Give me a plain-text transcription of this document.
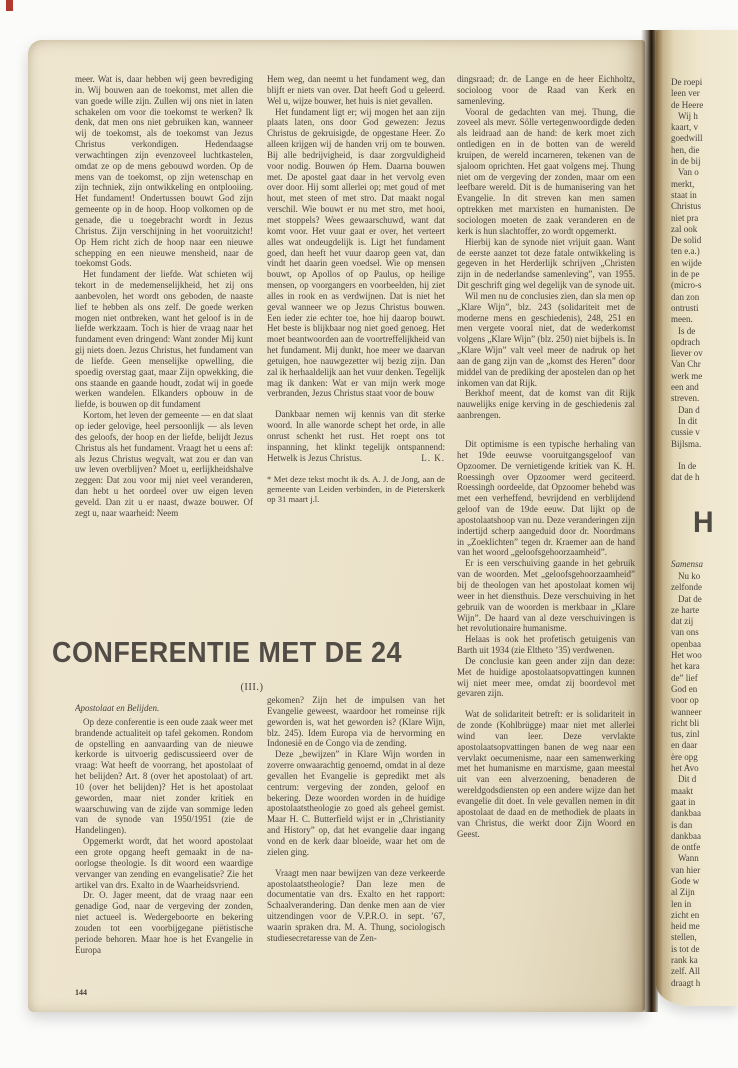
meer. Wat is, daar hebben wij geen bevrediging in. Wij bouwen aan de toekomst, met allen die van goede wille zijn. Zullen wij ons niet in laten schakelen om voor die toekomst te werken? Ik denk, dat men ons niet gebruiken kan, wanneer wij de toekomst, als de toekomst van Jezus Christus verkondigen. Hedendaagse verwachtingen zijn evenzoveel luchtkastelen, omdat ze op de mens gebouwd worden. Op de mens van de toekomst, op zijn wetenschap en zijn techniek, zijn ontwikkeling en ontplooiing. Het fundament! Ondertussen bouwt God zijn gemeente op in de hoop. Hoop volkomen op de genade, die u toegebracht wordt in Jezus Christus. Zijn verschijning in het vooruitzicht! Op Hem richt zich de hoop naar een nieuwe schepping en een nieuwe mensheid, naar de toekomst Gods.

Het fundament der liefde. Wat schieten wij tekort in de medemenselijkheid, het zij ons aanbevolen, het wordt ons geboden, de naaste lief te hebben als ons zelf. De goede werken mogen niet ontbreken, want het geloof is in de liefde werkzaam. Toch is hier de vraag naar het fundament even dringend: Want zonder Mij kunt gij niets doen. Jezus Christus, het fundament van de liefde. Geen menselijke opwelling, die spoedig overstag gaat, maar Zijn opwekking, die ons staande en gaande houdt, zodat wij in goede werken wandelen. Elkanders opbouw in de liefde, is bouwen op dit fundament

Kortom, het leven der gemeente — en dat slaat op ieder gelovige, heel persoonlijk — als leven des geloofs, der hoop en der liefde, belijdt Jezus Christus als het fundament. Vraagt het u eens af: als Jezus Christus wegvalt, wat zou er dan van uw leven overblijven? Moet u, eerlijkheidshalve zeggen: Dat zou voor mij niet veel veranderen, dan hebt u het oordeel over uw eigen leven geveld. Dan zit u er naast, dwaze bouwer. Of zegt u, naar waarheid: Neem

Hem weg, dan neemt u het fundament weg, dan blijft er niets van over. Dat heeft God u geleerd. Wel u, wijze bouwer, het huis is niet gevallen.

Het fundament ligt er; wij mogen het aan zijn plaats laten, ons door God gewezen: Jezus Christus de gekruisigde, de opgestane Heer. Zo alleen krijgen wij de handen vrij om te bouwen. Bij alle bedrijvigheid, is daar zorgvuldigheid voor nodig. Bouwen óp Hem. Daarna bouwen met. De apostel gaat daar in het vervolg even over door. Hij somt allerlei op; met goud of met hout, met steen of met stro. Dat maakt nogal verschil. Wie bouwt er nu met stro, met hooi, met stoppels? Wees gewaarschuwd, want dat komt voor. Het vuur gaat er over, het verteert alles wat ondeugdelijk is. Ligt het fundament goed, dan heeft het vuur daarop geen vat, dan vindt het daarin geen voedsel. Wie op mensen bouwt, op Apollos of op Paulus, op heilige mensen, op voorgangers en voorbeelden, hij ziet alles in rook en as verdwijnen. Dat is niet het geval wanneer we op Jezus Christus bouwen. Een ieder zie echter toe, hoe hij daarop bouwt. Het beste is blijkbaar nog niet goed genoeg. Het moet beantwoorden aan de voortreffelijkheid van het fundament. Mij dunkt, hoe meer we daarvan getuigen, hoe nauwgezetter wij bezig zijn. Dan zal ik herhaaldelijk aan het vuur denken. Tegelijk mag ik danken: Wat er van mijn werk moge verbranden, Jezus Christus staat voor de bouw

Dankbaar nemen wij kennis van dit sterke woord. In alle wanorde schept het orde, in alle onrust schenkt het rust. Het roept ons tot inspanning, het klinkt tegelijk ontspannend: Hetwelk is Jezus Christus.	L. K.

* Met deze tekst mocht ik ds. A. J. de Jong, aan de gemeente van Leiden verbinden, in de Pieterskerk op 31 maart j.l.

dingsraad; dr. de Lange en de heer Eichholtz, socioloog voor de Raad van Kerk en samenleving.

Vooral de gedachten van mej. Thung, die zoveel als mevr. Sölle vertegenwoordigde deden als leidraad aan de hand: de kerk moet zich ontledigen en in de botten van de wereld kruipen, de wereld incarneren, tekenen van de sjaloom oprichten. Het gaat volgens mej. Thung niet om de vergeving der zonden, maar om een leefbare wereld. Dit is de humanisering van het Evangelie. In dit streven kan men samen optrekken met marxisten en humanisten. De sociologen moeten de zaak veranderen en de kerk is hun slachtoffer, zo wordt opgemerkt.

Hierbij kan de synode niet vrijuit gaan. Want de eerste aanzet tot deze fatale ontwikkeling is gegeven in het Herderlijk schrijven „Christen zijn in de nederlandse samenleving”, van 1955. Dit geschrift ging wel degelijk van de synode uit.

Wil men nu de conclusies zien, dan sla men op „Klare Wijn”, blz. 243 (solidariteit met de moderne mens en geschiedenis), 248, 251 en men vergete vooral niet, dat de wederkomst volgens „Klare Wijn” (blz. 250) niet bijbels is. In „Klare Wijn” valt veel meer de nadruk op het aan de gang zijn van de „komst des Heren” door middel van de prediking der apostelen dan op het inkomen van dat Rijk.

Berkhof meent, dat de komst van dit Rijk nauwelijks enige kerving in de geschiedenis zal aanbrengen.

Dit optimisme is een typische herhaling van het 19de eeuwse vooruitgangsgeloof van Opzoomer. De vernietigende kritiek van K. H. Roessingh over Opzoomer werd geciteerd. Roessingh oordeelde, dat Opzoomer behebd was met een verheffend, bevrijdend en verblijdend geloof van de 19de eeuw. Dat lijkt op de apostolaatshoop van nu. Deze veranderingen zijn indertijd scherp aangeduid door dr. Noordmans in „Zoeklichten” tegen dr. Kraemer aan de hand van het woord „geloofsgehoorzaamheid”.

Er is een verschuiving gaande in het gebruik van de woorden. Met „geloofsgehoorzaamheid” bij de theologen van het apostolaat komen wij weer in het diensthuis. Deze verschuiving in het gebruik van de woorden is merkbaar in „Klare Wijn”. De haard van al deze verschuivingen is het revolutionaire humanisme.

Helaas is ook het profetisch getuigenis van Barth uit 1934 (zie Eltheto ’35) verdwenen.

De conclusie kan geen ander zijn dan deze: Met de huidige apostolaatsopvattingen kunnen wij niet meer mee, omdat zij boordevol met gevaren zijn.

Wat de solidariteit betreft: er is solidariteit in de zonde (Kohlbrügge) maar niet met allerlei wind van leer. Deze vervlakte apostolaatsopvattingen banen de weg naar een vervlakt oecumenisme, naar een samenwerking met het humanisme en marxisme, gaan meestal uit van een alverzoening, benaderen de wereldgodsdiensten op een andere wijze dan het evangelie dit doet. In vele gevallen nemen in dit apostolaat de daad en de methodiek de plaats in van Christus, die werkt door Zijn Woord en Geest.

CONFERENTIE MET DE 24
(III.)
Apostolaat en Belijden.

Op deze conferentie is een oude zaak weer met brandende actualiteit op tafel gekomen. Rondom de opstelling en aanvaarding van de nieuwe kerkorde is uitvoerig gediscussieerd over de vraag: Wat heeft de voorrang, het apostolaat of het belijden? Art. 8 (over het apostolaat) of art. 10 (over het belijden)? Het is het apostolaat geworden, maar niet zonder kritiek en waarschuwing van de zijde van sommige leden van de synode van 1950/1951 (zie de Handelingen).

Opgemerkt wordt, dat het woord apostolaat een grote opgang heeft gemaakt in de na-oorlogse theologie. Is dit woord een waardige vervanger van zending en evangelisatie? Zie het artikel van drs. Exalto in de Waarheidsvriend.

Dr. O. Jager meent, dat de vraag naar een genadige God, naar de vergeving der zonden, niet actueel is. Wedergeboorte en bekering zouden tot een voorbijgegane piëtistische periode behoren. Maar hoe is het Evangelie in Europa

gekomen? Zijn het de impulsen van het Evangelie geweest, waardoor het romeinse rijk geworden is, wat het geworden is? (Klare Wijn, blz. 245). Idem Europa via de hervorming en Indonesië en de Congo via de zending.

Deze „bewijzen” in Klare Wijn worden in zoverre onwaarachtig genoemd, omdat in al deze gevallen het Evangelie is gepredikt met als centrum: vergeving der zonden, geloof en bekering. Deze woorden worden in de huidige apostolaatstheologie zo goed als geheel gemist. Maar H. C. Butterfield wijst er in „Christianity and History” op, dat het evangelie daar ingang vond en de kerk daar bloeide, waar het om de zielen ging.

Vraagt men naar bewijzen van deze verkeerde apostolaatstheologie? Dan leze men de documentatie van drs. Exalto en het rapport: Schaalverandering. Dan denke men aan de vier uitzendingen voor de V.P.R.O. in sept. ’67, waarin spraken dra. M. A. Thung, sociologisch studiesecretaresse van de Zen-

144
De roepi
leen ver
de Heere
Wij h
kaart, v
goedwill
hen, die
in de bij
Van o
merkt,
staat in
Christus
niet pra
zal ook
De solid
ten e.a.)
en wijde
in de pe
(micro-s
dan zon
ontrusti
meen.
Is de
opdrach
liever ov
Van Chr
werk me
een and
streven.
Dan d
In dit
cussie v
Bijlsma.
In de
dat de h
H
Samensa
Nu ko
zelfonde
Dat de
ze harte
dat zij
van ons
openbaa
Het woo
het kara
de” lief
God en
voor op
wanneer
richt bli
tus, zinl
en daar
ère opg
het Avo
Dit d
maakt
gaat in
dankbaa
is dan
dankbaa
de ontfe
Wann
van hier
Gode w
al Zijn
len in
zicht en
heid me
stellen,
is tot de
rank ka
zelf. All
draagt h
